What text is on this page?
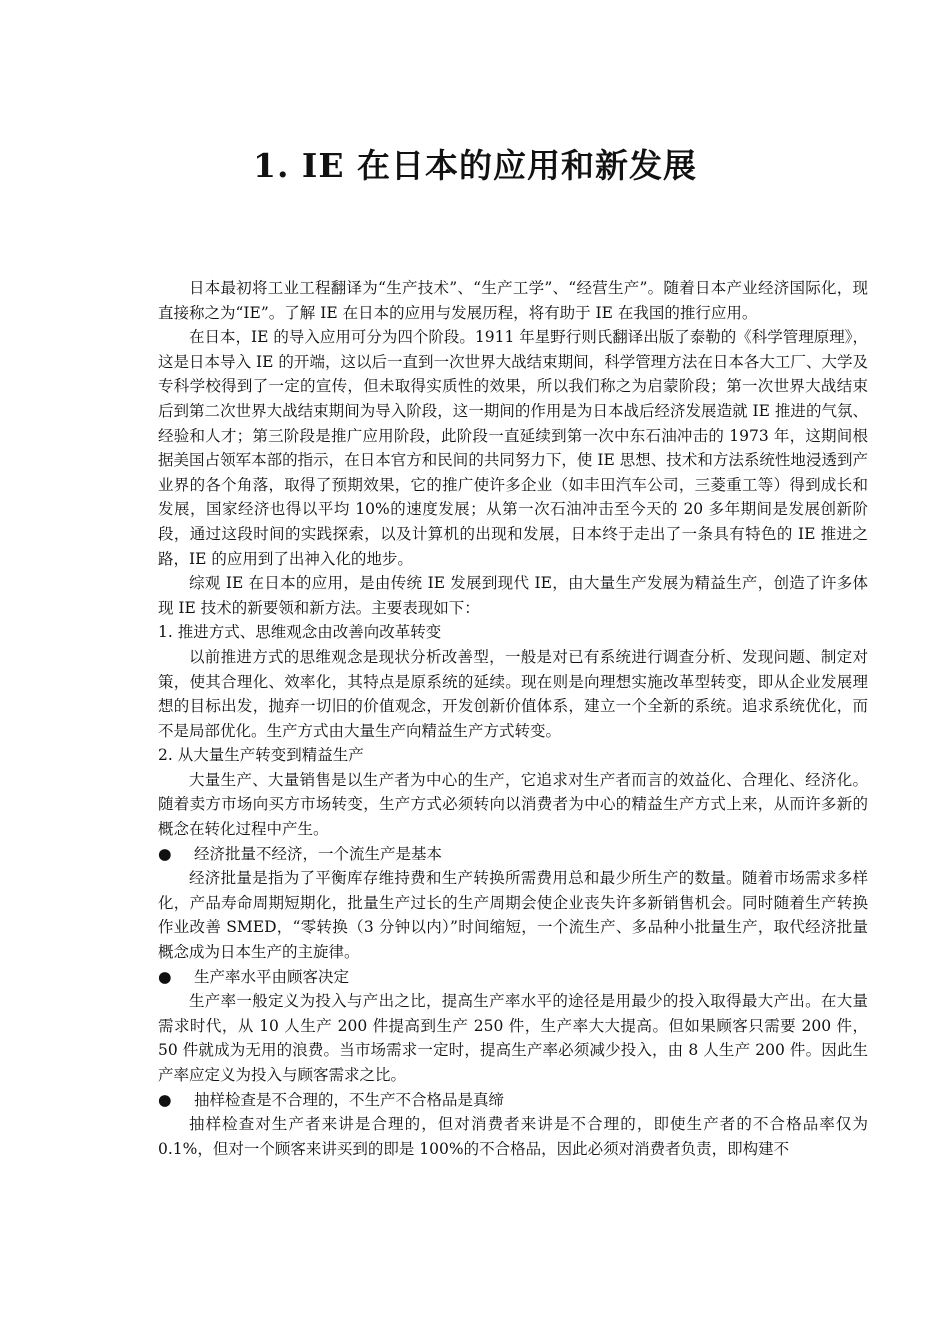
1. IE 在日本的应用和新发展

日本最初将工业工程翻译为“生产技术”、“生产工学”、“经营生产”。随着日本产业经济国际化，现直接称之为“IE”。了解 IE 在日本的应用与发展历程，将有助于 IE 在我国的推行应用。

在日本，IE 的导入应用可分为四个阶段。1911 年星野行则氏翻译出版了泰勒的《科学管理原理》，这是日本导入 IE 的开端，这以后一直到一次世界大战结束期间，科学管理方法在日本各大工厂、大学及专科学校得到了一定的宣传，但未取得实质性的效果，所以我们称之为启蒙阶段；第一次世界大战结束后到第二次世界大战结束期间为导入阶段，这一期间的作用是为日本战后经济发展造就 IE 推进的气氛、经验和人才；第三阶段是推广应用阶段，此阶段一直延续到第一次中东石油冲击的 1973 年，这期间根据美国占领军本部的指示，在日本官方和民间的共同努力下，使 IE 思想、技术和方法系统性地浸透到产业界的各个角落，取得了预期效果，它的推广使许多企业（如丰田汽车公司，三菱重工等）得到成长和发展，国家经济也得以平均 10%的速度发展；从第一次石油冲击至今天的 20 多年期间是发展创新阶段，通过这段时间的实践探索，以及计算机的出现和发展，日本终于走出了一条具有特色的 IE 推进之路，IE 的应用到了出神入化的地步。

综观 IE 在日本的应用，是由传统 IE 发展到现代 IE，由大量生产发展为精益生产，创造了许多体现 IE 技术的新要领和新方法。主要表现如下：

1. 推进方式、思维观念由改善向改革转变

以前推进方式的思维观念是现状分析改善型，一般是对已有系统进行调查分析、发现问题、制定对策，使其合理化、效率化，其特点是原系统的延续。现在则是向理想实施改革型转变，即从企业发展理想的目标出发，抛弃一切旧的价值观念，开发创新价值体系，建立一个全新的系统。追求系统优化，而不是局部优化。生产方式由大量生产向精益生产方式转变。

2. 从大量生产转变到精益生产

大量生产、大量销售是以生产者为中心的生产，它追求对生产者而言的效益化、合理化、经济化。随着卖方市场向买方市场转变，生产方式必须转向以消费者为中心的精益生产方式上来，从而许多新的概念在转化过程中产生。

●	经济批量不经济，一个流生产是基本

经济批量是指为了平衡库存维持费和生产转换所需费用总和最少所生产的数量。随着市场需求多样化，产品寿命周期短期化，批量生产过长的生产周期会使企业丧失许多新销售机会。同时随着生产转换作业改善 SMED，“零转换（3 分钟以内）”时间缩短，一个流生产、多品种小批量生产，取代经济批量概念成为日本生产的主旋律。

●	生产率水平由顾客决定

生产率一般定义为投入与产出之比，提高生产率水平的途径是用最少的投入取得最大产出。在大量需求时代，从 10 人生产 200 件提高到生产 250 件，生产率大大提高。但如果顾客只需要 200 件，50 件就成为无用的浪费。当市场需求一定时，提高生产率必须减少投入，由 8 人生产 200 件。因此生产率应定义为投入与顾客需求之比。

●	抽样检查是不合理的，不生产不合格品是真缔

抽样检查对生产者来讲是合理的，但对消费者来讲是不合理的，即使生产者的不合格品率仅为 0.1%，但对一个顾客来讲买到的即是 100%的不合格品，因此必须对消费者负责，即构建不
